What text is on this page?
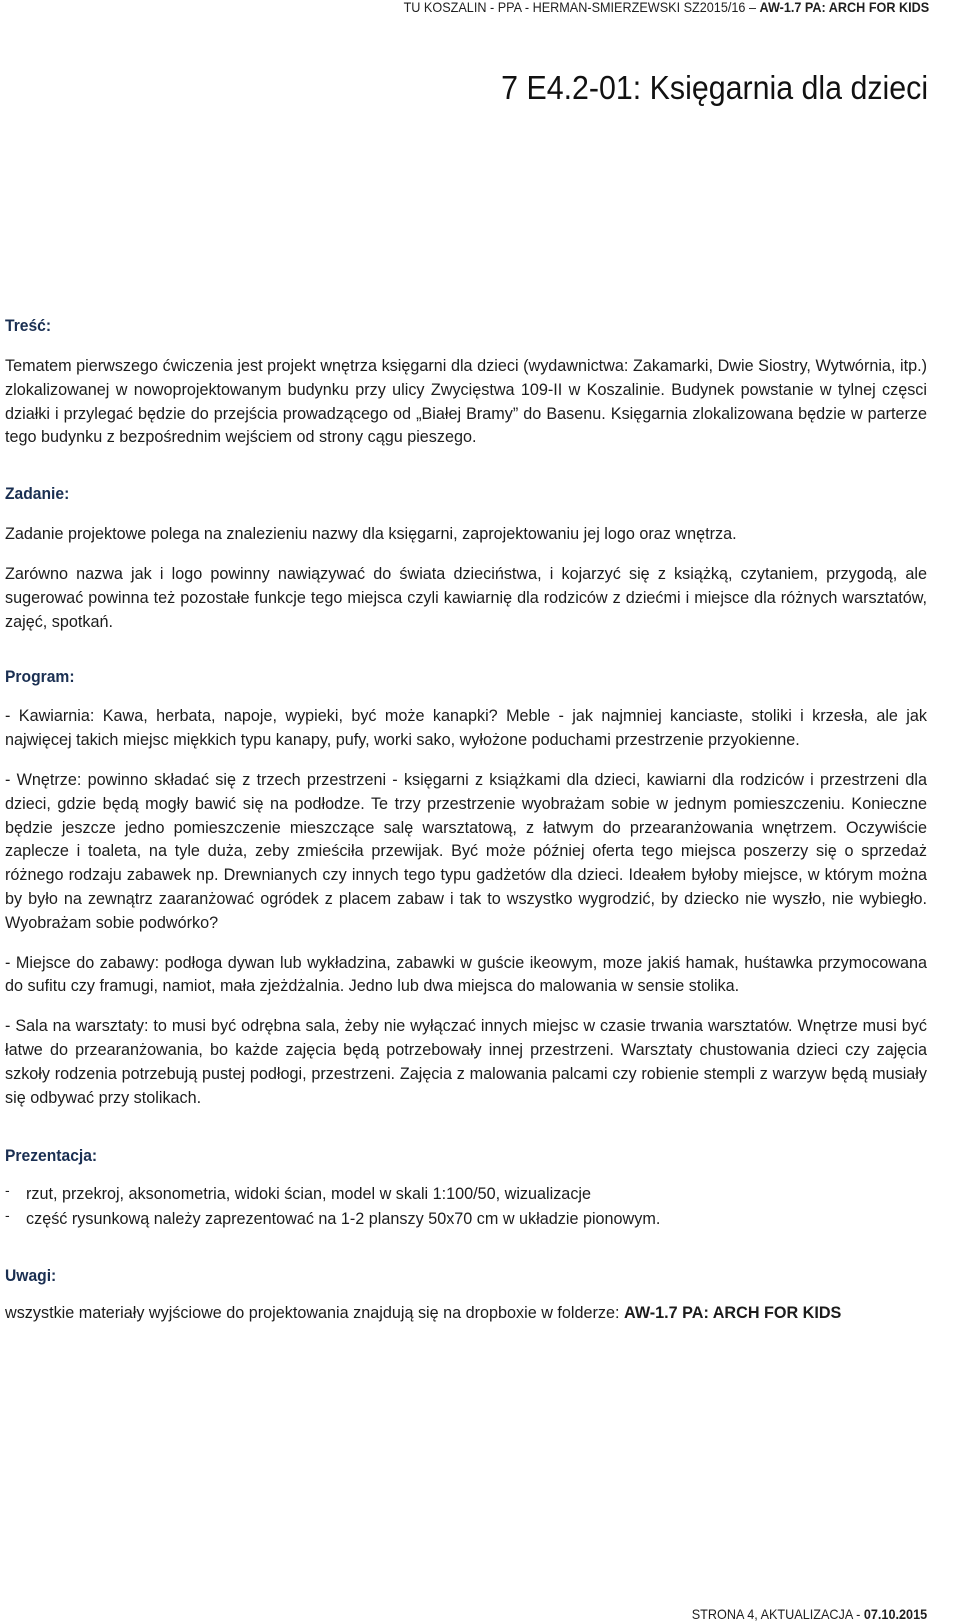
TU KOSZALIN - PPA - HERMAN-SMIERZEWSKI SZ2015/16 – AW-1.7 PA: ARCH FOR KIDS
7 E4.2-01: Księgarnia dla dzieci
Treść:

Tematem pierwszego ćwiczenia jest projekt wnętrza księgarni dla dzieci (wydawnictwa: Zakamarki, Dwie Siostry, Wytwórnia, itp.) zlokalizowanej w nowoprojektowanym budynku przy ulicy Zwycięstwa 109-II w Koszalinie. Budynek powstanie w tylnej częsci działki i przylegać będzie do przejścia prowadzącego od „Białej Bramy” do Basenu. Księgarnia zlokalizowana będzie w parterze tego budynku z bezpośrednim wejściem od strony cągu pieszego.

Zadanie:

Zadanie projektowe polega na znalezieniu nazwy dla księgarni, zaprojektowaniu jej logo oraz wnętrza.

Zarówno nazwa jak i logo powinny nawiązywać do świata dzieciństwa, i kojarzyć się z książką, czytaniem, przygodą, ale sugerować powinna też pozostałe funkcje tego miejsca czyli kawiarnię dla rodziców z dziećmi i miejsce dla różnych warsztatów, zajęć, spotkań.

Program:

- Kawiarnia: Kawa, herbata, napoje, wypieki, być może kanapki? Meble - jak najmniej kanciaste, stoliki i krzesła, ale jak najwięcej takich miejsc miękkich typu kanapy, pufy, worki sako, wyłożone poduchami przestrzenie przyokienne.

- Wnętrze: powinno składać się z trzech przestrzeni - księgarni z książkami dla dzieci, kawiarni dla rodziców i przestrzeni dla dzieci, gdzie będą mogły bawić się na podłodze. Te trzy przestrzenie wyobrażam sobie w jednym pomieszczeniu. Konieczne będzie jeszcze jedno pomieszczenie mieszczące salę warsztatową, z łatwym do przearanżowania wnętrzem. Oczywiście zaplecze i toaleta, na tyle duża, zeby zmieściła przewijak. Być może później oferta tego miejsca poszerzy się o sprzedaż różnego rodzaju zabawek np. Drewnianych czy innych tego typu gadżetów dla dzieci. Ideałem byłoby miejsce, w którym można by było na zewnątrz zaaranżować ogródek z placem zabaw i tak to wszystko wygrodzić, by dziecko nie wyszło, nie wybiegło. Wyobrażam sobie podwórko?

- Miejsce do zabawy: podłoga dywan lub wykładzina, zabawki w guście ikeowym, moze jakiś hamak, huśtawka przymocowana do sufitu czy framugi, namiot, mała zjeżdżalnia. Jedno lub dwa miejsca do malowania w sensie stolika.

- Sala na warsztaty: to musi być odrębna sala, żeby nie wyłączać innych miejsc w czasie trwania warsztatów. Wnętrze musi być łatwe do przearanżowania, bo każde zajęcia będą potrzebowały innej przestrzeni. Warsztaty chustowania dzieci czy zajęcia szkoły rodzenia potrzebują pustej podłogi, przestrzeni. Zajęcia z malowania palcami czy robienie stempli z warzyw będą musiały się odbywać przy stolikach.

Prezentacja:
- rzut, przekroj, aksonometria, widoki ścian, model w skali 1:100/50, wizualizacje
- część rysunkową należy zaprezentować na 1-2 planszy 50x70 cm w układzie pionowym.
Uwagi:
wszystkie materiały wyjściowe do projektowania znajdują się na dropboxie w folderze: AW-1.7 PA: ARCH FOR KIDS
STRONA 4, AKTUALIZACJA - 07.10.2015
